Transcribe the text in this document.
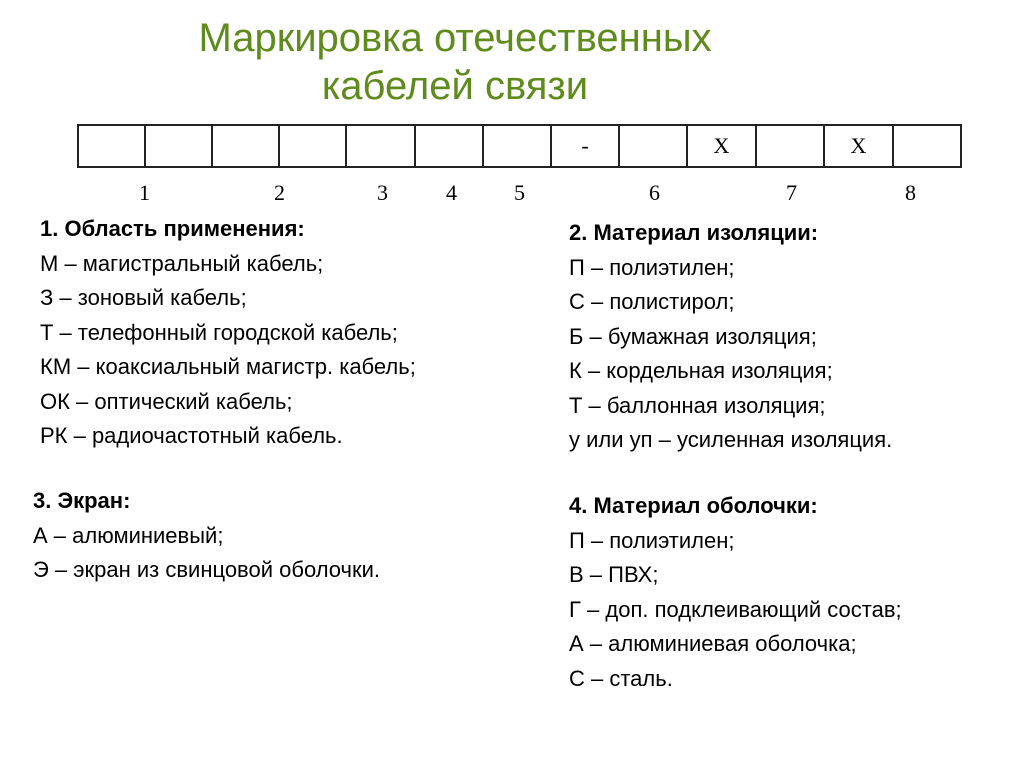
Маркировка отечественных
кабелей связи
							-		Х		Х	
1	2	3	4	5	6	7	8
1. Область применения:
М – магистральный кабель;
З – зоновый кабель;
Т – телефонный городской кабель;
КМ – коаксиальный магистр. кабель;
ОК – оптический кабель;
РК – радиочастотный кабель.
2. Материал изоляции:
П – полиэтилен;
С – полистирол;
Б – бумажная изоляция;
К – кордельная изоляция;
Т – баллонная изоляция;
у или уп – усиленная изоляция.
3. Экран:
А – алюминиевый;
Э – экран из свинцовой оболочки.
4. Материал оболочки:
П – полиэтилен;
В – ПВХ;
Г – доп. подклеивающий состав;
А – алюминиевая оболочка;
С – сталь.
